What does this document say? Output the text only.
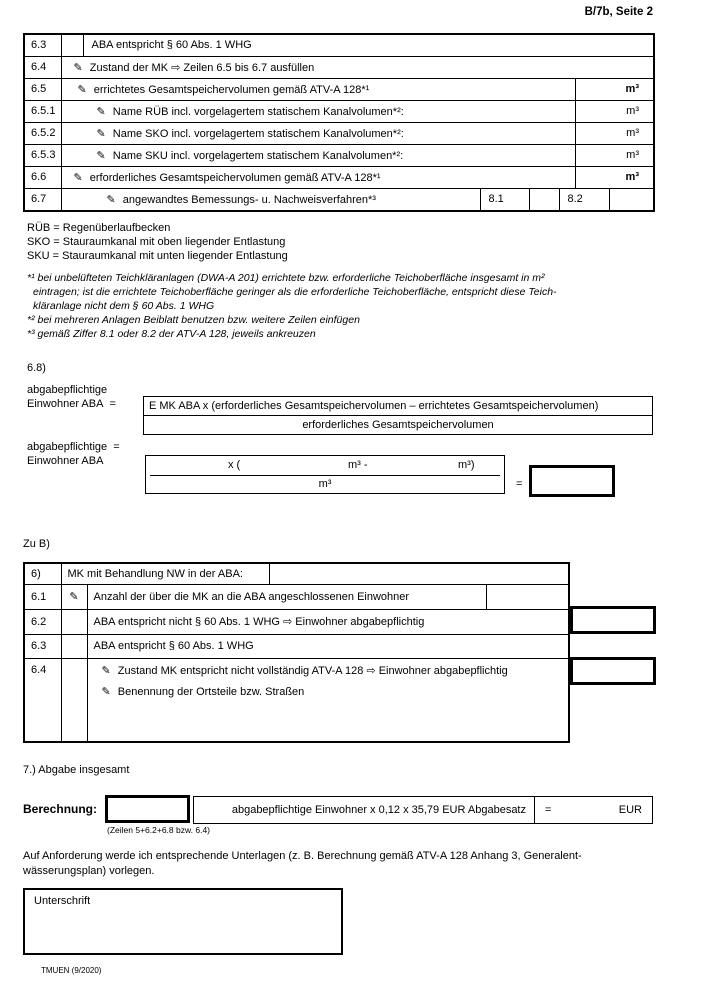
B/7b, Seite 2
6.3		ABA entspricht § 60 Abs. 1 WHG					
6.4	✎ Zustand der MK ⇨ Zeilen 6.5 bis 6.7 ausfüllen						
6.5	✎ errichtetes Gesamtspeichervolumen gemäß ATV-A 128*¹					m³	
6.5.1	✎ Name RÜB incl. vorgelagertem statischem Kanalvolumen*²:					m³	
6.5.2	✎ Name SKO incl. vorgelagertem statischem Kanalvolumen*²:					m³	
6.5.3	✎ Name SKU incl. vorgelagertem statischem Kanalvolumen*²:					m³	
6.6	✎ erforderliches Gesamtspeichervolumen gemäß ATV-A 128*¹					m³	
6.7	✎ angewandtes Bemessungs- u. Nachweisverfahren*³		8.1		8.2		
RÜB = Regenüberlaufbecken
SKO = Stauraumkanal mit oben liegender Entlastung
SKU = Stauraumkanal mit unten liegender Entlastung
*¹ bei unbelüfteten Teichkläranlagen (DWA-A 201) errichtete bzw. erforderliche Teichoberfläche insgesamt in m²
eintragen; ist die errichtete Teichoberfläche geringer als die erforderliche Teichoberfläche, entspricht diese Teich-
kläranlage nicht dem § 60 Abs. 1 WHG
*² bei mehreren Anlagen Beiblatt benutzen bzw. weitere Zeilen einfügen
*³ gemäß Ziffer 8.1 oder 8.2 der ATV-A 128, jeweils ankreuzen
6.8)
abgabepflichtige
Einwohner ABA  =	E MK ABA x (erforderliches Gesamtspeichervolumen – errichtetes Gesamtspeichervolumen)
erforderliches Gesamtspeichervolumen
abgabepflichtige  =
Einwohner ABA	x (	m³ -	m³)
m³ =
Zu B)
6)	MK mit Behandlung NW in der ABA:			
6.1	✎	Anzahl der über die MK an die ABA angeschlossenen Einwohner		
6.2		ABA entspricht nicht § 60 Abs. 1 WHG ⇨ Einwohner abgabepflichtig		
6.3		ABA entspricht § 60 Abs. 1 WHG		
6.4		✎ Zustand MK entspricht nicht vollständig ATV-A 128 ⇨ Einwohner abgabepflichtig
✎ Benennung der Ortsteile bzw. Straßen		
7.) Abgabe insgesamt
Berechnung:	abgabepflichtige Einwohner x 0,12 x 35,79 EUR Abgabesatz	=	EUR
(Zeilen 5+6.2+6.8 bzw. 6.4)
Auf Anforderung werde ich entsprechende Unterlagen (z. B. Berechnung gemäß ATV-A 128 Anhang 3, Generalent-
wässerungsplan) vorlegen.
Unterschrift
TMUEN (9/2020)
